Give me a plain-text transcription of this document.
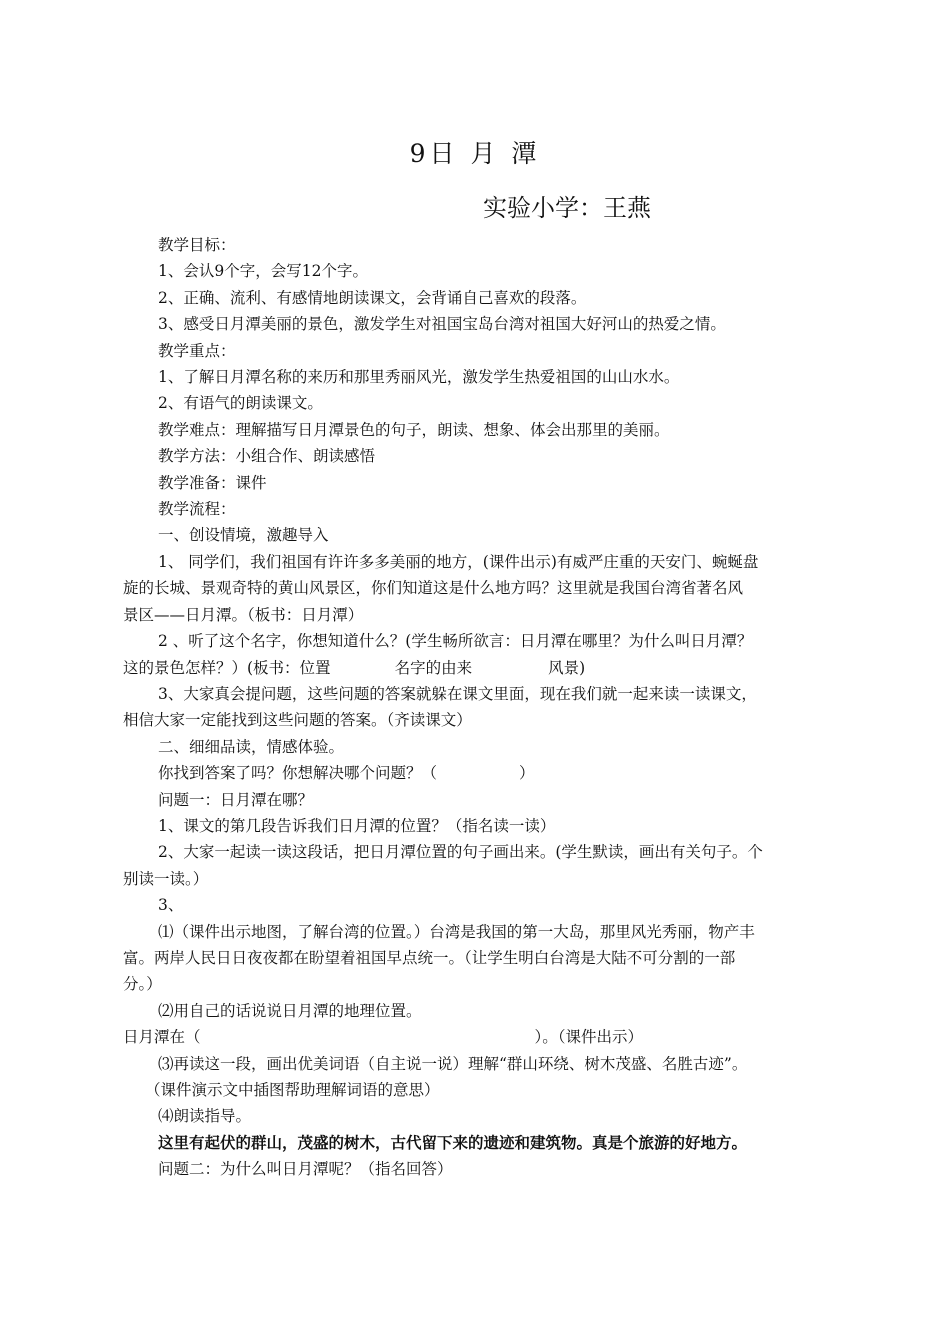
9日 月 潭
实验小学：王燕

教学目标：

1、会认9个字，会写12个字。

2、正确、流利、有感情地朗读课文，会背诵自己喜欢的段落。

3、感受日月潭美丽的景色，激发学生对祖国宝岛台湾对祖国大好河山的热爱之情。

教学重点：

1、了解日月潭名称的来历和那里秀丽风光，激发学生热爱祖国的山山水水。

2、有语气的朗读课文。

教学难点：理解描写日月潭景色的句子，朗读、想象、体会出那里的美丽。

教学方法：小组合作、朗读感悟

教学准备：课件

教学流程：

一、创设情境，激趣导入

1、 同学们，我们祖国有许许多多美丽的地方，(课件出示)有威严庄重的天安门、蜿蜒盘

旋的长城、景观奇特的黄山风景区，你们知道这是什么地方吗？这里就是我国台湾省著名风

景区——日月潭。（板书：日月潭）

2 、听了这个名字，你想知道什么？(学生畅所欲言：日月潭在哪里？为什么叫日月潭？

这的景色怎样？）(板书：位置	名字的由来	风景)

3、大家真会提问题，这些问题的答案就躲在课文里面，现在我们就一起来读一读课文，

相信大家一定能找到这些问题的答案。（齐读课文）

二、细细品读，情感体验。

你找到答案了吗？你想解决哪个问题？（	）

问题一：日月潭在哪？

1、课文的第几段告诉我们日月潭的位置？（指名读一读）

2、大家一起读一读这段话，把日月潭位置的句子画出来。(学生默读，画出有关句子。个

别读一读。）

3、

⑴（课件出示地图，了解台湾的位置。）台湾是我国的第一大岛，那里风光秀丽，物产丰

富。两岸人民日日夜夜都在盼望着祖国早点统一。（让学生明白台湾是大陆不可分割的一部

分。）

⑵用自己的话说说日月潭的地理位置。

日月潭在（	）。（课件出示）

⑶再读这一段，画出优美词语（自主说一说）理解“群山环绕、树木茂盛、名胜古迹”。

（课件演示文中插图帮助理解词语的意思）

⑷朗读指导。

这里有起伏的群山，茂盛的树木，古代留下来的遗迹和建筑物。真是个旅游的好地方。

问题二：为什么叫日月潭呢？（指名回答）
